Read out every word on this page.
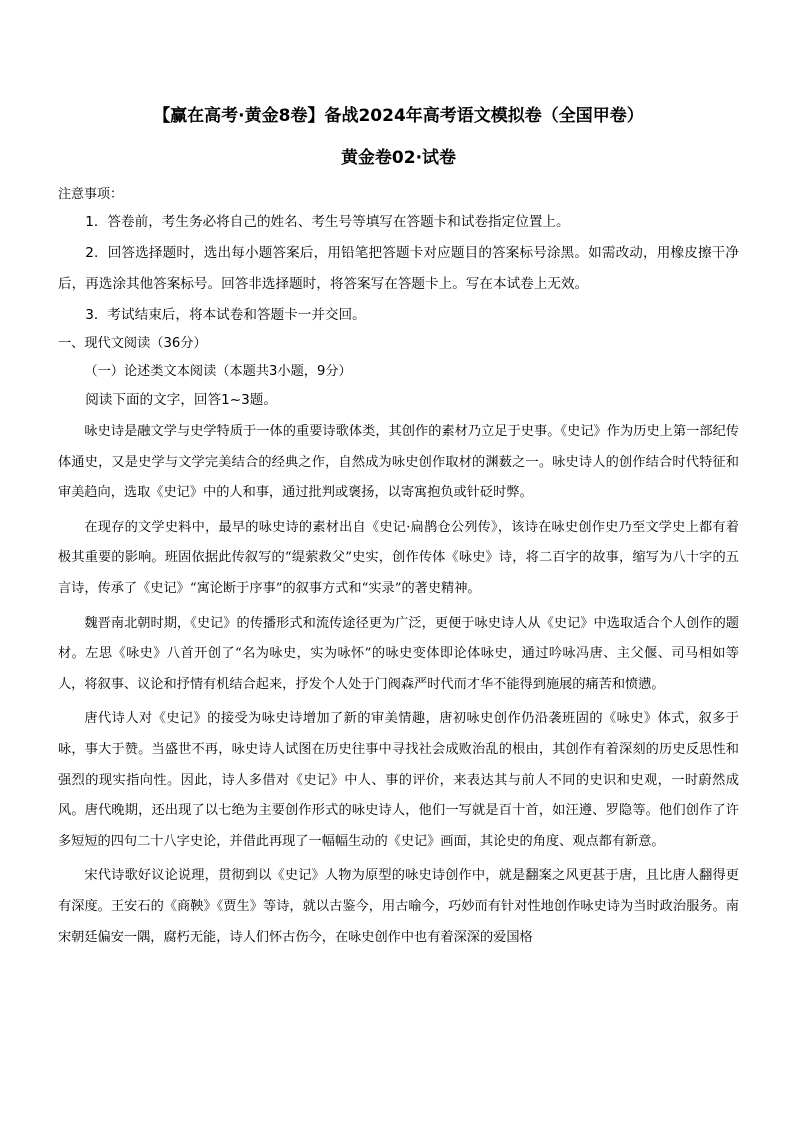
【赢在高考·黄金8卷】备战2024年高考语文模拟卷（全国甲卷）
黄金卷02·试卷
注意事项：

1．答卷前，考生务必将自己的姓名、考生号等填写在答题卡和试卷指定位置上。

2．回答选择题时，选出每小题答案后，用铅笔把答题卡对应题目的答案标号涂黑。如需改动，用橡皮擦干净后，再选涂其他答案标号。回答非选择题时，将答案写在答题卡上。写在本试卷上无效。

3．考试结束后，将本试卷和答题卡一并交回。

一、现代文阅读（36分）

（一）论述类文本阅读（本题共3小题，9分）

阅读下面的文字，回答1~3题。

咏史诗是融文学与史学特质于一体的重要诗歌体类，其创作的素材乃立足于史事。《史记》作为历史上第一部纪传体通史，又是史学与文学完美结合的经典之作，自然成为咏史创作取材的渊薮之一。咏史诗人的创作结合时代特征和审美趋向，选取《史记》中的人和事，通过批判或褒扬，以寄寓抱负或针砭时弊。

在现存的文学史料中，最早的咏史诗的素材出自《史记·扁鹊仓公列传》，该诗在咏史创作史乃至文学史上都有着极其重要的影响。班固依据此传叙写的“缇萦救父”史实，创作传体《咏史》诗，将二百字的故事，缩写为八十字的五言诗，传承了《史记》“寓论断于序事”的叙事方式和“实录”的著史精神。

魏晋南北朝时期，《史记》的传播形式和流传途径更为广泛，更便于咏史诗人从《史记》中选取适合个人创作的题材。左思《咏史》八首开创了“名为咏史，实为咏怀”的咏史变体即论体咏史，通过吟咏冯唐、主父偃、司马相如等人，将叙事、议论和抒情有机结合起来，抒发个人处于门阀森严时代而才华不能得到施展的痛苦和愤懑。

唐代诗人对《史记》的接受为咏史诗增加了新的审美情趣，唐初咏史创作仍沿袭班固的《咏史》体式，叙多于咏，事大于赞。当盛世不再，咏史诗人试图在历史往事中寻找社会成败治乱的根由，其创作有着深刻的历史反思性和强烈的现实指向性。因此，诗人多借对《史记》中人、事的评价，来表达其与前人不同的史识和史观，一时蔚然成风。唐代晚期，还出现了以七绝为主要创作形式的咏史诗人，他们一写就是百十首，如汪遵、罗隐等。他们创作了许多短短的四句二十八字史论，并借此再现了一幅幅生动的《史记》画面，其论史的角度、观点都有新意。

宋代诗歌好议论说理，贯彻到以《史记》人物为原型的咏史诗创作中，就是翻案之风更甚于唐，且比唐人翻得更有深度。王安石的《商鞅》《贾生》等诗，就以古鉴今，用古喻今，巧妙而有针对性地创作咏史诗为当时政治服务。南宋朝廷偏安一隅，腐朽无能，诗人们怀古伤今，在咏史创作中也有着深深的爱国格
